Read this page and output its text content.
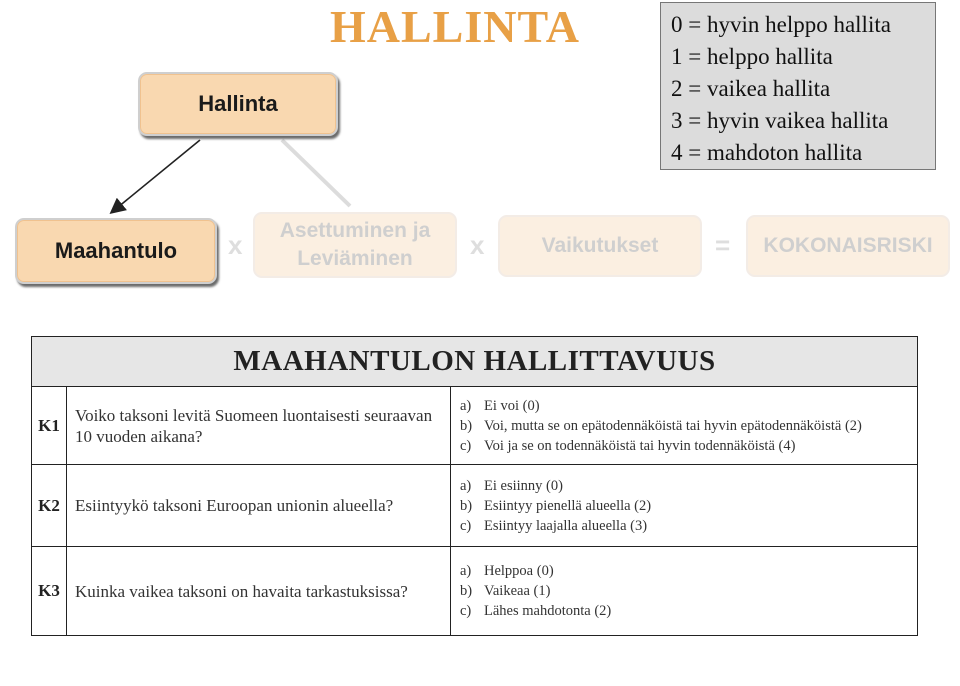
HALLINTA	0 = hyvin helppo hallita
1 = helppo hallita
2 = vaikea hallita
3 = hyvin vaikea hallita
4 = mahdoton hallita
Hallinta
Maahantulo	x Asettuminen ja
Leviäminen	x	Vaikutukset	=	KOKONAISRISKI
MAAHANTULON HALLITTAVUUS
K1
Voiko taksoni levitä Suomeen luontaisesti seuraavan 10 vuoden aikana?
a) Ei voi (0)
b) Voi, mutta se on epätodennäköistä tai hyvin epätodennäköistä (2)
c) Voi ja se on todennäköistä tai hyvin todennäköistä (4)
K2 Esiintyykö taksoni Euroopan unionin alueella?
a) Ei esiinny (0)
b) Esiintyy pienellä alueella (2)
c) Esiintyy laajalla alueella (3)
K3 Kuinka vaikea taksoni on havaita tarkastuksissa?
a) Helppoa (0)
b) Vaikeaa (1)
c) Lähes mahdotonta (2)
